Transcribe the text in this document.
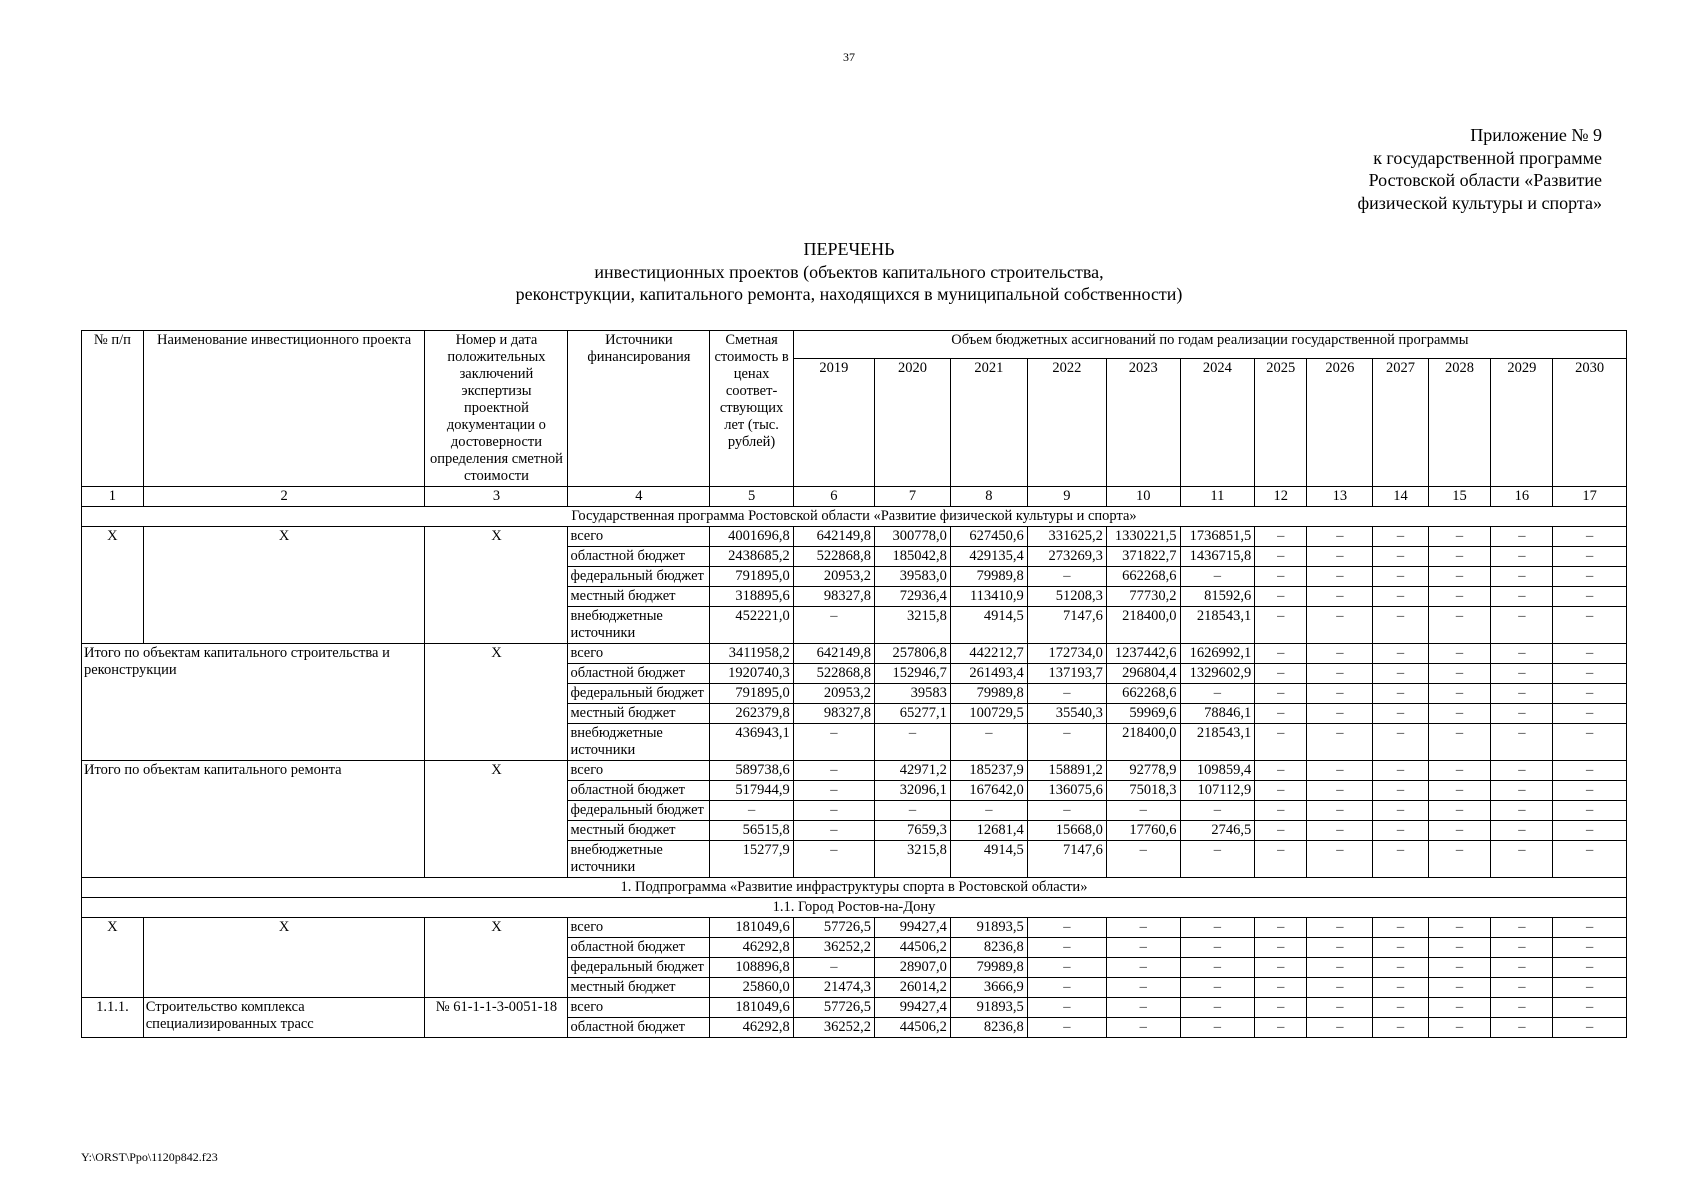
37
Приложение № 9
к государственной программе
Ростовской области «Развитие
физической культуры и спорта»
ПЕРЕЧЕНЬ
инвестиционных проектов (объектов капитального строительства,
реконструкции, капитального ремонта, находящихся в муниципальной собственности)
№ п/п	Наименование инвестиционного проекта	Номер и дата положительных заключений экспертизы проектной документации о достоверности определения сметной стоимости	Источники финансирования	Сметная стоимость в ценах соответ-ствующих лет (тыс. рублей)	Объем бюджетных ассигнований по годам реализации государственной программы											
					2019	2020	2021	2022	2023	2024	2025	2026	2027	2028	2029	2030
1	2	3	4	5	6	7	8	9	10	11	12	13	14	15	16	17
Государственная программа Ростовской области «Развитие физической культуры и спорта»																
X	X	X	всего	4001696,8	642149,8	300778,0	627450,6	331625,2	1330221,5	1736851,5	–	–	–	–	–	–
			областной бюджет	2438685,2	522868,8	185042,8	429135,4	273269,3	371822,7	1436715,8	–	–	–	–	–	–
			федеральный бюджет	791895,0	20953,2	39583,0	79989,8	–	662268,6	–	–	–	–	–	–	–
			местный бюджет	318895,6	98327,8	72936,4	113410,9	51208,3	77730,2	81592,6	–	–	–	–	–	–
			внебюджетные источники	452221,0	–	3215,8	4914,5	7147,6	218400,0	218543,1	–	–	–	–	–	–
Итого по объектам капитального строительства и реконструкции		X	всего	3411958,2	642149,8	257806,8	442212,7	172734,0	1237442,6	1626992,1	–	–	–	–	–	–
			областной бюджет	1920740,3	522868,8	152946,7	261493,4	137193,7	296804,4	1329602,9	–	–	–	–	–	–
			федеральный бюджет	791895,0	20953,2	39583	79989,8	–	662268,6	–	–	–	–	–	–	–
			местный бюджет	262379,8	98327,8	65277,1	100729,5	35540,3	59969,6	78846,1	–	–	–	–	–	–
			внебюджетные источники	436943,1	–	–	–	–	218400,0	218543,1	–	–	–	–	–	–
Итого по объектам капитального ремонта		X	всего	589738,6	–	42971,2	185237,9	158891,2	92778,9	109859,4	–	–	–	–	–	–
			областной бюджет	517944,9	–	32096,1	167642,0	136075,6	75018,3	107112,9	–	–	–	–	–	–
			федеральный бюджет	–	–	–	–	–	–	–	–	–	–	–	–	–
			местный бюджет	56515,8	–	7659,3	12681,4	15668,0	17760,6	2746,5	–	–	–	–	–	–
			внебюджетные источники	15277,9	–	3215,8	4914,5	7147,6	–	–	–	–	–	–	–	–
1. Подпрограмма «Развитие инфраструктуры спорта в Ростовской области»																
1.1. Город Ростов-на-Дону																
X	X	X	всего	181049,6	57726,5	99427,4	91893,5	–	–	–	–	–	–	–	–	–
			областной бюджет	46292,8	36252,2	44506,2	8236,8	–	–	–	–	–	–	–	–	–
			федеральный бюджет	108896,8	–	28907,0	79989,8	–	–	–	–	–	–	–	–	–
			местный бюджет	25860,0	21474,3	26014,2	3666,9	–	–	–	–	–	–	–	–	–
1.1.1.	Строительство комплекса специализированных трасс	№ 61-1-1-3-0051-18	всего	181049,6	57726,5	99427,4	91893,5	–	–	–	–	–	–	–	–	–
			областной бюджет	46292,8	36252,2	44506,2	8236,8	–	–	–	–	–	–	–	–	–
Y:\ORST\Ppo\1120p842.f23
